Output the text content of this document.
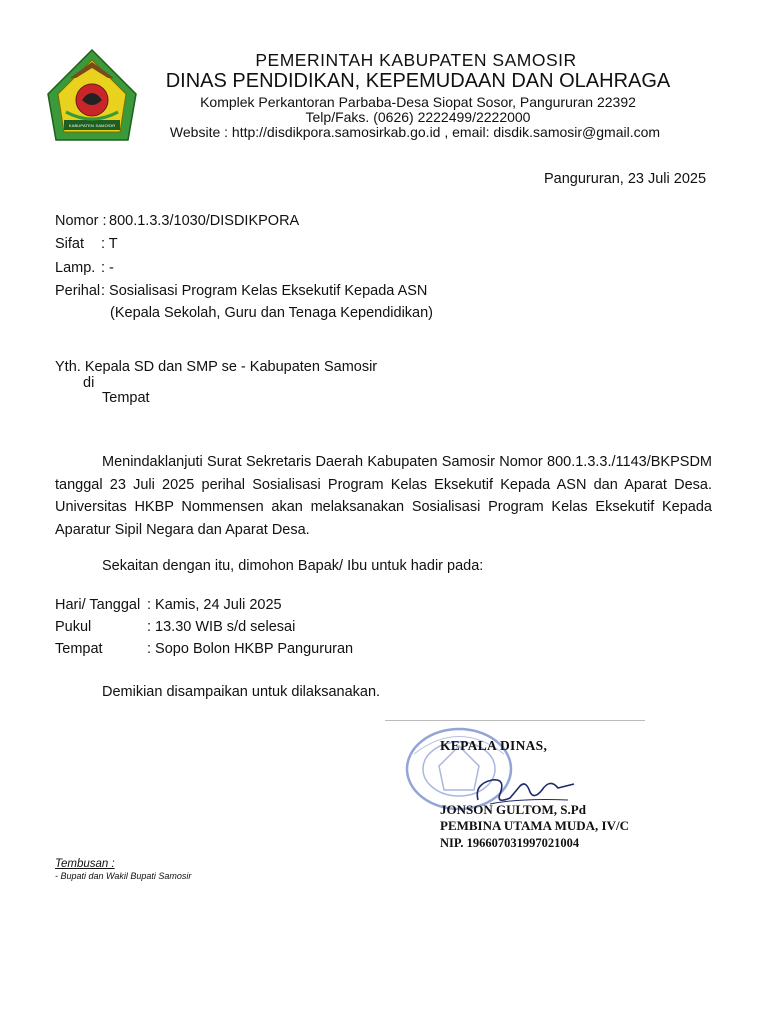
KABUPATEN SAMOSIR
PEMERINTAH KABUPATEN SAMOSIR
DINAS PENDIDIKAN, KEPEMUDAAN DAN OLAHRAGA
Komplek Perkantoran Parbaba-Desa Siopat Sosor, Pangururan 22392
Telp/Faks. (0626) 2222499/2222000
Website : http://disdikpora.samosirkab.go.id , email: disdik.samosir@gmail.com
Pangururan, 23 Juli 2025
Nomor : 800.1.3.3/1030/DISDIKPORA
Sifat : T
Lamp. : -
Perihal : Sosialisasi Program Kelas Eksekutif Kepada ASN
(Kepala Sekolah, Guru dan Tenaga Kependidikan)
Yth. Kepala SD dan SMP se - Kabupaten Samosir
di
Tempat
Menindaklanjuti Surat Sekretaris Daerah Kabupaten Samosir Nomor 800.1.3.3./1143/BKPSDM tanggal 23 Juli 2025 perihal Sosialisasi Program Kelas Eksekutif Kepada ASN dan Aparat Desa. Universitas HKBP Nommensen akan melaksanakan Sosialisasi Program Kelas Eksekutif Kepada Aparatur Sipil Negara dan Aparat Desa.
Sekaitan dengan itu, dimohon Bapak/ Ibu untuk hadir pada:
Hari/ Tanggal : Kamis, 24 Juli 2025
Pukul	: 13.30 WIB s/d selesai
Tempat	: Sopo Bolon HKBP Pangururan
Demikian disampaikan untuk dilaksanakan.
KEPALA DINAS,
JONSON GULTOM, S.Pd
PEMBINA UTAMA MUDA, IV/C
NIP. 196607031997021004
Tembusan :
- Bupati dan Wakil Bupati Samosir
